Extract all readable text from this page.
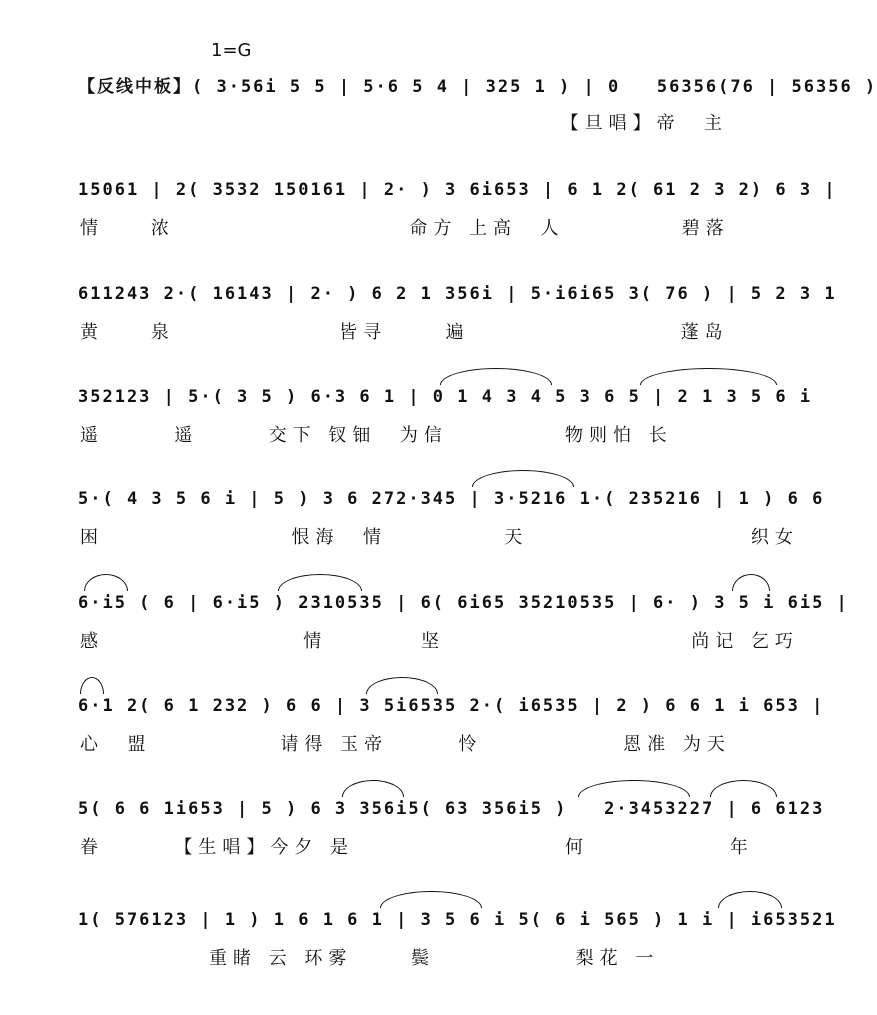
1=G
【反线中板】( 3·56i 5 5 | 5·6 5 4 | 325 1 ) | 0   56356(76 | 56356 )
【旦唱】帝  主
15061 | 2( 3532 150161 | 2· ) 3 6i653 | 6 1 2( 61 2 3 2) 6 3 |
情    浓                    命方 上高  人          碧落
611243 2·( 16143 | 2· ) 6 2 1 356i | 5·i6i65 3( 76 ) | 5 2 3 1
黄    泉              皆寻     遍                  蓬岛
352123 | 5·( 3 5 ) 6·3 6 1 | 0 1 4 3 4 5 3 6 5 | 2 1 3 5 6 i
遥      遥      交下 钗钿  为信          物则怕 长
5·( 4 3 5 6 i | 5 ) 3 6 272·345 | 3·5216 1·( 235216 | 1 ) 6 6
困                恨海  情          天                   织女
6·i5 ( 6 | 6·i5 ) 2310535 | 6( 6i65 35210535 | 6· ) 3 5 i 6i5 |
感                 情        坚                     尚记 乞巧
6·1 2( 6 1 232 ) 6 6 | 3 5i6535 2·( i6535 | 2 ) 6 6 1 i 653 |
心  盟           请得 玉帝      怜            恩准 为天
5( 6 6 1i653 | 5 ) 6 3 356i5( 63 356i5 )   2·3453227 | 6 6123
眷      【生唱】今夕 是                  何            年
1( 576123 | 1 ) 1 6 1 6 1 | 3 5 6 i 5( 6 i 565 ) 1 i | i653521
重睹 云 环雾     鬓            梨花 一
